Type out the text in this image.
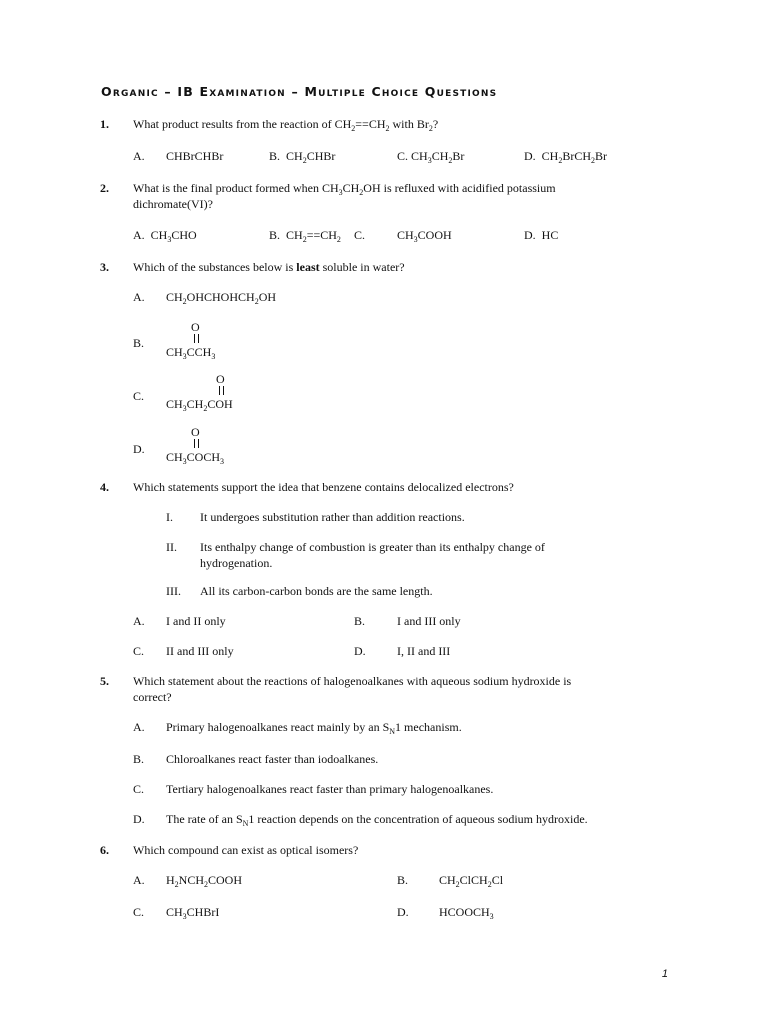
Organic – IB Examination – Multiple Choice Questions
1. What product results from the reaction of $CH_2==CH_2$ with $Br_2$?
A. CHBrCHBr	B. $CH_2CHBr$	C. $CH_3CH_2Br$	D. $CH_2BrCH_2Br$
2. What is the final product formed when $CH_3CH_2OH$ is refluxed with acidified potassium
dichromate(VI)?
A. $CH_3CHO$	B. $CH_2==CH_2$ C.	$CH_3COOH$	D. HC
3. Which of the substances below is least soluble in water?
A. $CH_2OHCHOHCH_2OH$
B.
O
$CH_3CCH_3$
C.
O
$CH_3CH_2COH$
D.
O
$CH_3COCH_3$
4. Which statements support the idea that benzene contains delocalized electrons?
I. It undergoes substitution rather than addition reactions.
II. Its enthalpy change of combustion is greater than its enthalpy change of
hydrogenation.
III. All its carbon-carbon bonds are the same length.
A. I and II only	B.	I and III only
C. II and III only	D.	I, II and III
5. Which statement about the reactions of halogenoalkanes with aqueous sodium hydroxide is
correct?
A. Primary halogenoalkanes react mainly by an $S_N1$ mechanism.
B. Chloroalkanes react faster than iodoalkanes.
C. Tertiary halogenoalkanes react faster than primary halogenoalkanes.
D. The rate of an $S_N1$ reaction depends on the concentration of aqueous sodium hydroxide.
6. Which compound can exist as optical isomers?
A. $H_2NCH_2COOH$	B.	$CH_2ClCH_2Cl$
C. $CH_3CHBrI$	D.	$HCOOCH_3$
1
